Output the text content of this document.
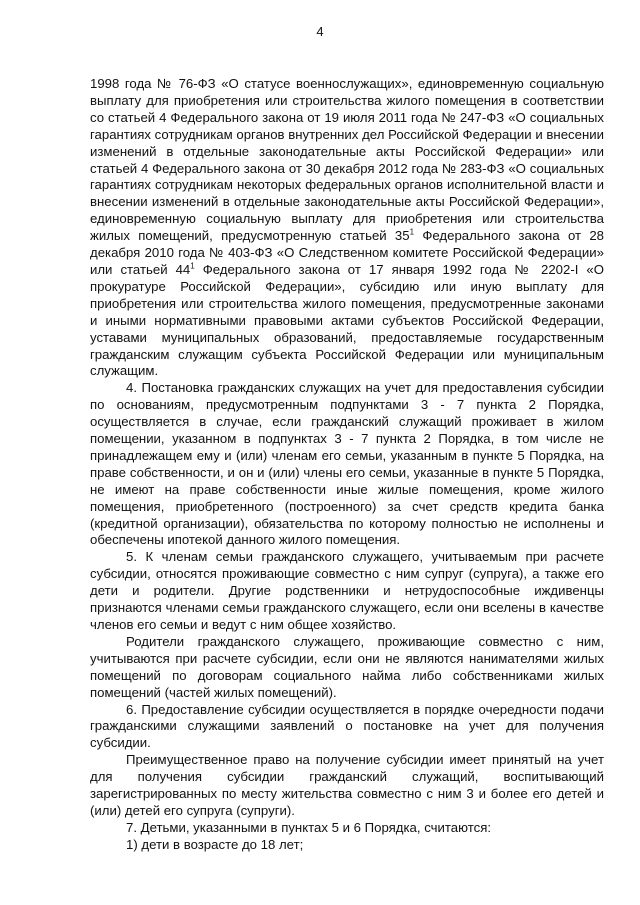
4

1998 года № 76-ФЗ «О статусе военнослужащих», единовременную социальную выплату для приобретения или строительства жилого помещения в соответствии со статьей 4 Федерального закона от 19 июля 2011 года № 247-ФЗ «О социальных гарантиях сотрудникам органов внутренних дел Российской Федерации и внесении изменений в отдельные законодательные акты Российской Федерации» или статьей 4 Федерального закона от 30 декабря 2012 года № 283-ФЗ «О социальных гарантиях сотрудникам некоторых федеральных органов исполнительной власти и внесении изменений в отдельные законодательные акты Российской Федерации», единовременную социальную выплату для приобретения или строительства жилых помещений, предусмотренную статьей $35^1$ Федерального закона от 28 декабря 2010 года № 403-ФЗ «О Следственном комитете Российской Федерации» или статьей $44^1$ Федерального закона от 17 января 1992 года № 2202-I «О прокуратуре Российской Федерации», субсидию или иную выплату для приобретения или строительства жилого помещения, предусмотренные законами и иными нормативными правовыми актами субъектов Российской Федерации, уставами муниципальных образований, предоставляемые государственным гражданским служащим субъекта Российской Федерации или муниципальным служащим.

4. Постановка гражданских служащих на учет для предоставления субсидии по основаниям, предусмотренным подпунктами 3 - 7 пункта 2 Порядка, осуществляется в случае, если гражданский служащий проживает в жилом помещении, указанном в подпунктах 3 - 7 пункта 2 Порядка, в том числе не принадлежащем ему и (или) членам его семьи, указанным в пункте 5 Порядка, на праве собственности, и он и (или) члены его семьи, указанные в пункте 5 Порядка, не имеют на праве собственности иные жилые помещения, кроме жилого помещения, приобретенного (построенного) за счет средств кредита банка (кредитной организации), обязательства по которому полностью не исполнены и обеспечены ипотекой данного жилого помещения.

5. К членам семьи гражданского служащего, учитываемым при расчете субсидии, относятся проживающие совместно с ним супруг (супруга), а также его дети и родители. Другие родственники и нетрудоспособные иждивенцы признаются членами семьи гражданского служащего, если они вселены в качестве членов его семьи и ведут с ним общее хозяйство.

Родители гражданского служащего, проживающие совместно с ним, учитываются при расчете субсидии, если они не являются нанимателями жилых помещений по договорам социального найма либо собственниками жилых помещений (частей жилых помещений).

6. Предоставление субсидии осуществляется в порядке очередности подачи гражданскими служащими заявлений о постановке на учет для получения субсидии.

Преимущественное право на получение субсидии имеет принятый на учет для получения субсидии гражданский служащий, воспитывающий зарегистрированных по месту жительства совместно с ним 3 и более его детей и (или) детей его супруга (супруги).

7. Детьми, указанными в пунктах 5 и 6 Порядка, считаются:

1) дети в возрасте до 18 лет;
